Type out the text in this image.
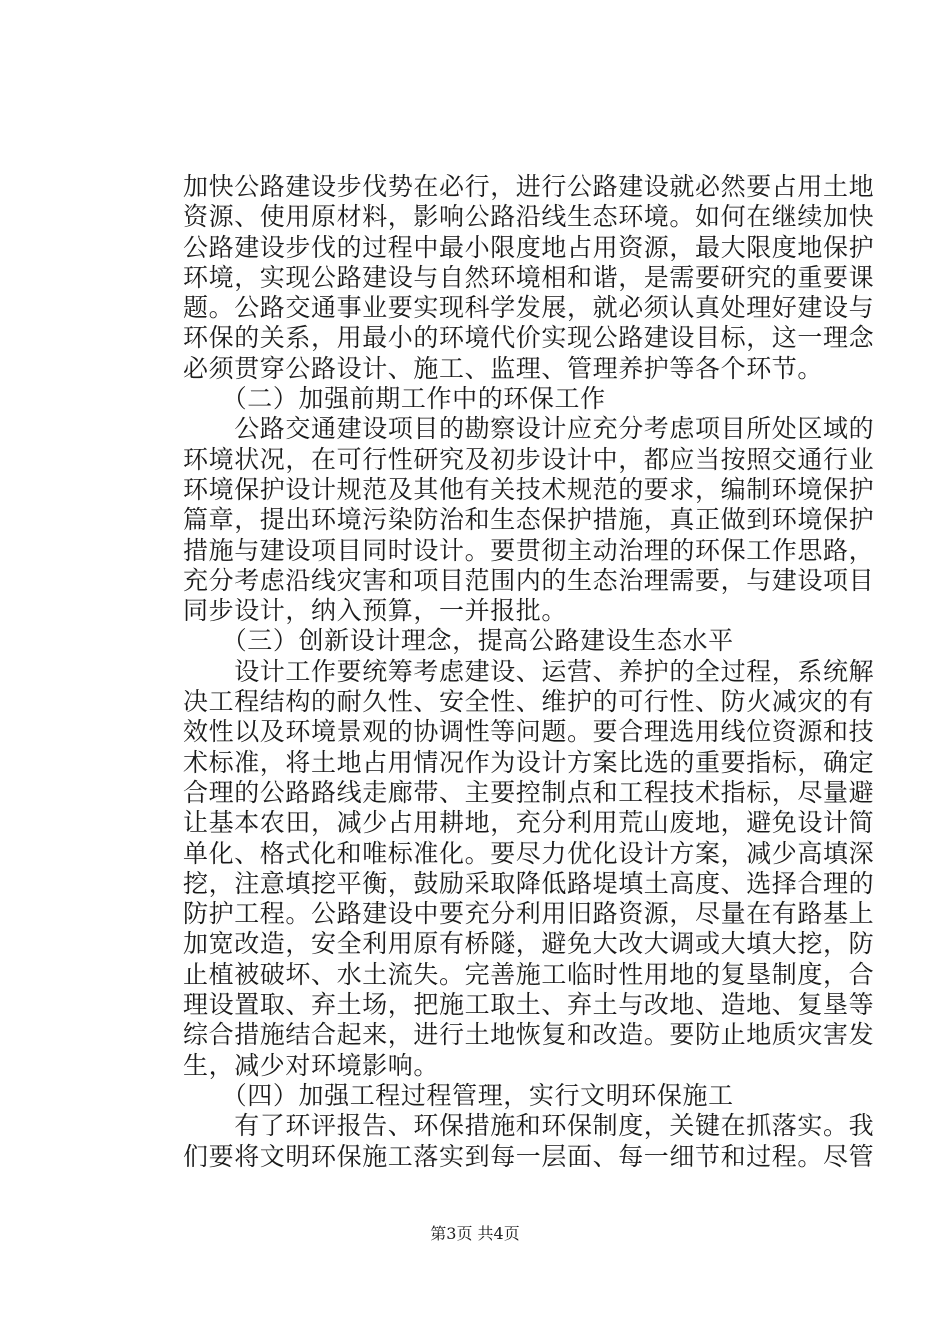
加快公路建设步伐势在必行，进行公路建设就必然要占用土地
资源、使用原材料，影响公路沿线生态环境。如何在继续加快
公路建设步伐的过程中最小限度地占用资源，最大限度地保护
环境，实现公路建设与自然环境相和谐，是需要研究的重要课
题。公路交通事业要实现科学发展，就必须认真处理好建设与
环保的关系，用最小的环境代价实现公路建设目标，这一理念
必须贯穿公路设计、施工、监理、管理养护等各个环节。
　　（二）加强前期工作中的环保工作
　　公路交通建设项目的勘察设计应充分考虑项目所处区域的
环境状况，在可行性研究及初步设计中，都应当按照交通行业
环境保护设计规范及其他有关技术规范的要求，编制环境保护
篇章，提出环境污染防治和生态保护措施，真正做到环境保护
措施与建设项目同时设计。要贯彻主动治理的环保工作思路，
充分考虑沿线灾害和项目范围内的生态治理需要，与建设项目
同步设计，纳入预算，一并报批。
　　（三）创新设计理念，提高公路建设生态水平
　　设计工作要统筹考虑建设、运营、养护的全过程，系统解
决工程结构的耐久性、安全性、维护的可行性、防火减灾的有
效性以及环境景观的协调性等问题。要合理选用线位资源和技
术标准，将土地占用情况作为设计方案比选的重要指标，确定
合理的公路路线走廊带、主要控制点和工程技术指标，尽量避
让基本农田，减少占用耕地，充分利用荒山废地，避免设计简
单化、格式化和唯标准化。要尽力优化设计方案，减少高填深
挖，注意填挖平衡，鼓励采取降低路堤填土高度、选择合理的
防护工程。公路建设中要充分利用旧路资源，尽量在有路基上
加宽改造，安全利用原有桥隧，避免大改大调或大填大挖，防
止植被破坏、水土流失。完善施工临时性用地的复垦制度，合
理设置取、弃土场，把施工取土、弃土与改地、造地、复垦等
综合措施结合起来，进行土地恢复和改造。要防止地质灾害发
生，减少对环境影响。
　　（四）加强工程过程管理，实行文明环保施工
　　有了环评报告、环保措施和环保制度，关键在抓落实。我
们要将文明环保施工落实到每一层面、每一细节和过程。尽管
第3页 共4页
